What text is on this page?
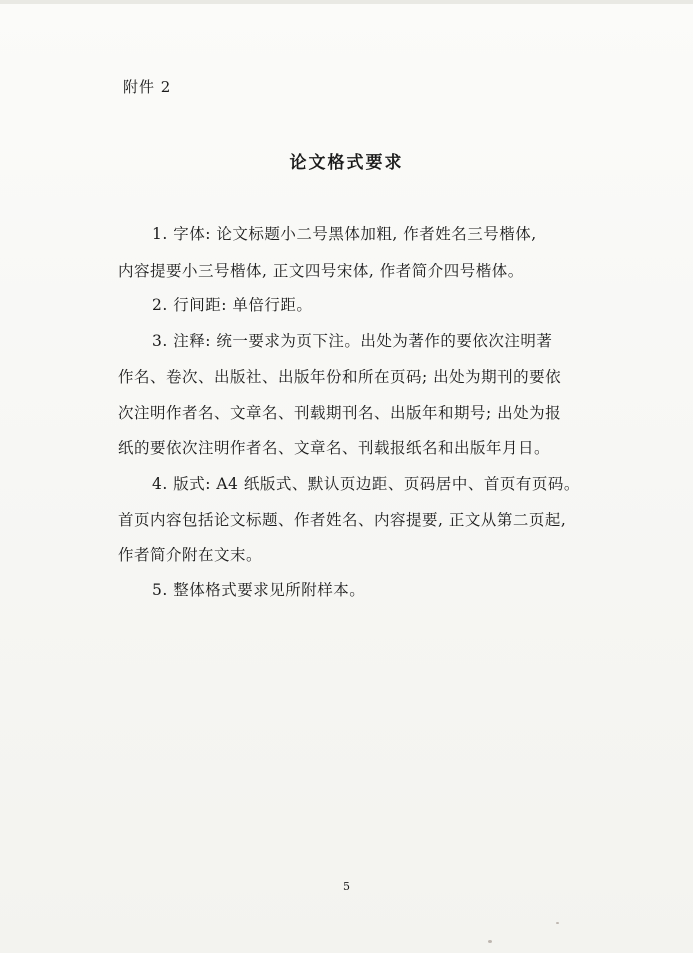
附件 2
论文格式要求
1. 字体: 论文标题小二号黑体加粗, 作者姓名三号楷体,
内容提要小三号楷体, 正文四号宋体, 作者简介四号楷体。
2. 行间距: 单倍行距。
3. 注释: 统一要求为页下注。出处为著作的要依次注明著
作名、卷次、出版社、出版年份和所在页码; 出处为期刊的要依
次注明作者名、文章名、刊载期刊名、出版年和期号; 出处为报
纸的要依次注明作者名、文章名、刊载报纸名和出版年月日。
4. 版式: A4 纸版式、默认页边距、页码居中、首页有页码。
首页内容包括论文标题、作者姓名、内容提要, 正文从第二页起,
作者简介附在文末。
5. 整体格式要求见所附样本。
5
